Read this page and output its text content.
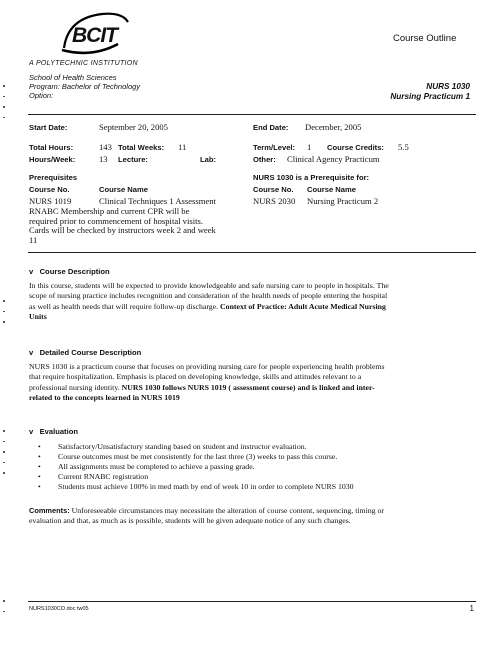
BCIT
A POLYTECHNIC INSTITUTION
Course Outline
School of Health Sciences
Program: Bachelor of Technology
Option:
NURS 1030
Nursing Practicum 1
Start Date:	September 20, 2005	End Date: December, 2005
Total Hours:	143 Total Weeks: 11	Term/Level: 1 Course Credits: 5.5
Hours/Week:	13 Lecture:	Lab:	Other: Clinical Agency Practicum
Prerequisites
Course No.	Course Name
NURS 1019	Clinical Techniques 1 Assessment
RNABC Membership and current CPR will be
required prior to commencement of hospital visits.
Cards will be checked by instructors week 2 and week
11
NURS 1030 is a Prerequisite for:
Course No. Course Name
NURS 2030 Nursing Practicum 2
v Course Description
In this course, students will be expected to provide knowledgeable and safe nursing care to people in hospitals. The
scope of nursing practice includes recognition and consideration of the health needs of people entering the hospital
as well as health needs that will require follow-up discharge. Context of Practice: Adult Acute Medical Nursing
Units
v Detailed Course Description
NURS 1030 is a practicum course that focuses on providing nursing care for people experiencing health problems
that require hospitalization. Emphasis is placed on developing knowledge, skills and attitudes relevant to a
professional nursing identity. NURS 1030 follows NURS 1019 ( assessment course) and is linked and inter-
related to the concepts learned in NURS 1019
v Evaluation
• Satisfactory/Unsatisfactory standing based on student and instructor evaluation.
• Course outcomes must be met consistently for the last three (3) weeks to pass this course.
• All assignments must be completed to achieve a passing grade.
• Current RNABC registration
• Students must achieve 100% in med math by end of week 10 in order to complete NURS 1030
Comments: Unforeseeable circumstances may necessitate the alteration of course content, sequencing, timing or
evaluation and that, as much as is possible, students will be given adequate notice of any such changes.
NURS1030CO.doc tw05	1
